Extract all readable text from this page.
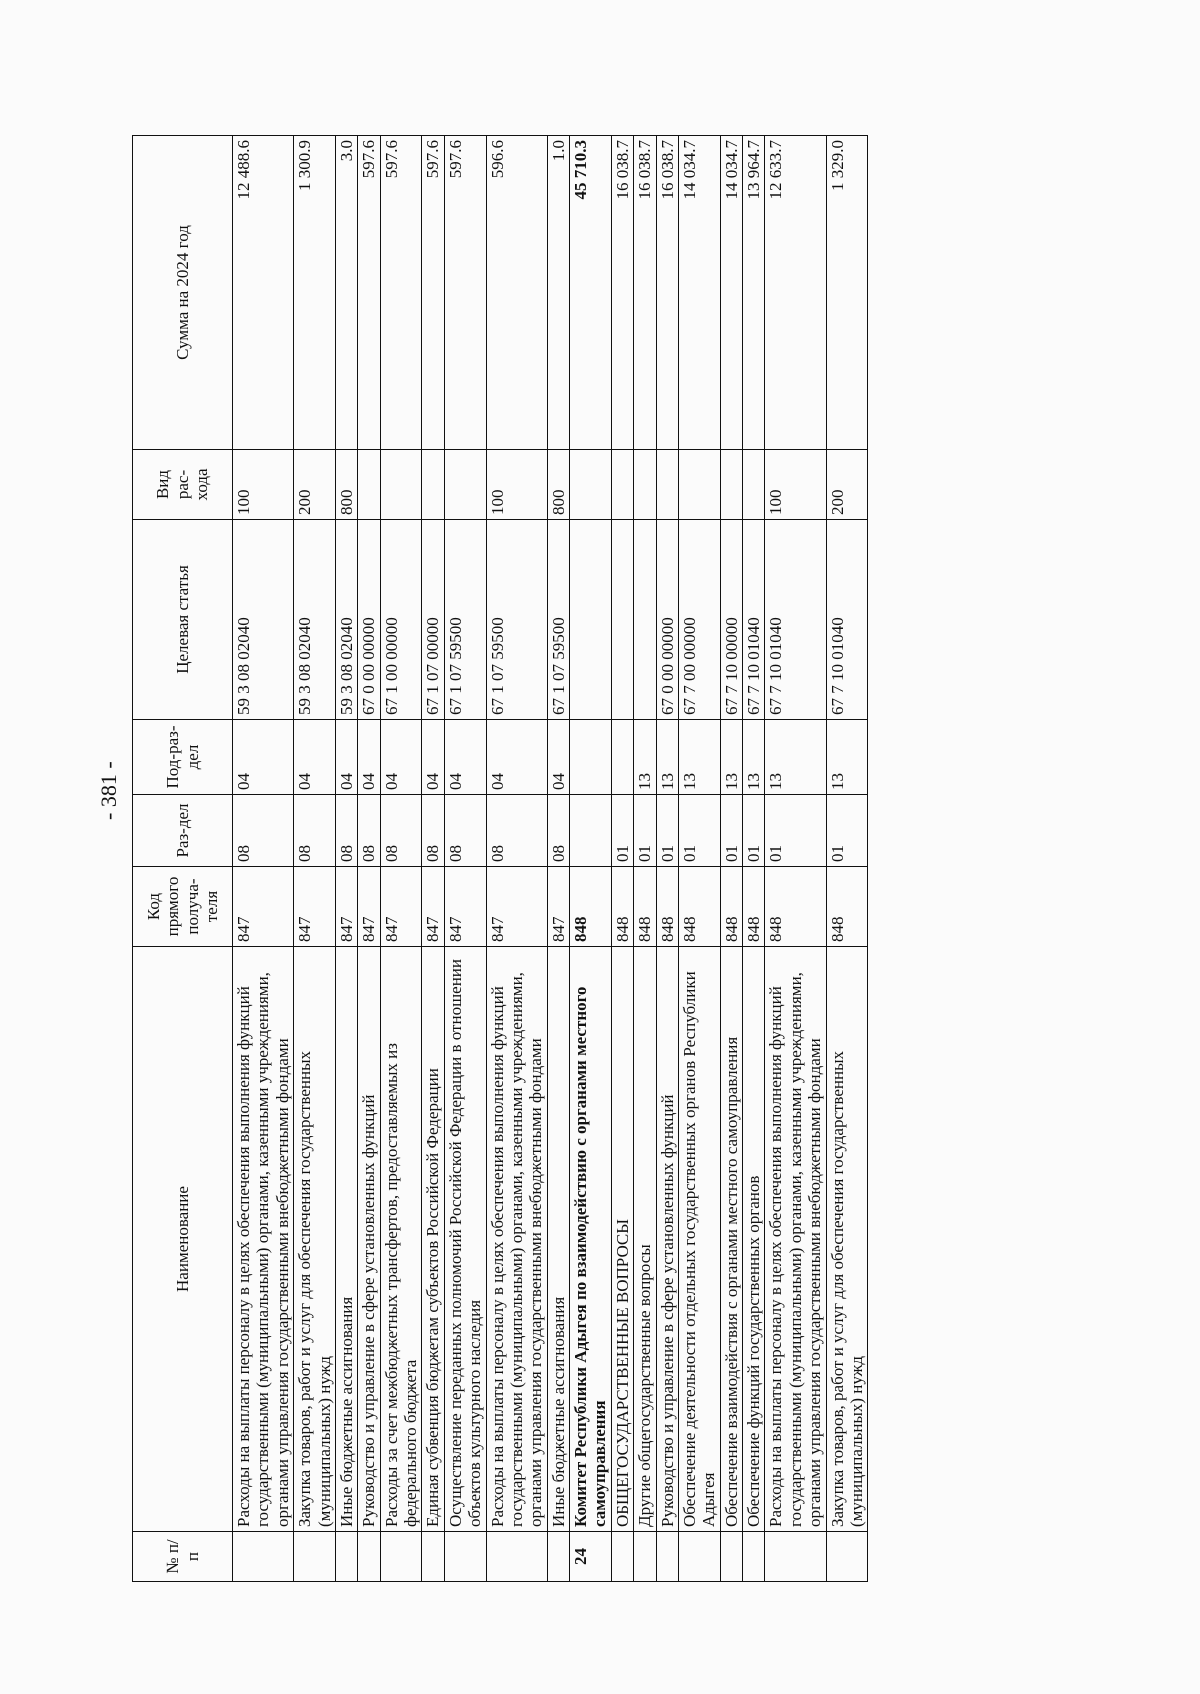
- 381 -
№ п/п	Наименование	Код прямого получа-теля	Раз-дел	Под-раз-дел	Целевая статья	Вид рас-хода	Сумма на 2024 год
	Расходы на выплаты персоналу в целях обеспечения выполнения функций государственными (муниципальными) органами, казенными учреждениями, органами управления государственными внебюджетными фондами	847	08	04	59 3 08 02040	100	12 488.6
	Закупка товаров, работ и услуг для обеспечения государственных (муниципальных) нужд	847	08	04	59 3 08 02040	200	1 300.9
	Иные бюджетные ассигнования	847	08	04	59 3 08 02040	800	3.0
	Руководство и управление в сфере установленных функций	847	08	04	67 0 00 00000		597.6
	Расходы за счет межбюджетных трансфертов, предоставляемых из федерального бюджета	847	08	04	67 1 00 00000		597.6
	Единая субвенция бюджетам субъектов Российской Федерации	847	08	04	67 1 07 00000		597.6
	Осуществление переданных полномочий Российской Федерации в отношении объектов культурного наследия	847	08	04	67 1 07 59500		597.6
	Расходы на выплаты персоналу в целях обеспечения выполнения функций государственными (муниципальными) органами, казенными учреждениями, органами управления государственными внебюджетными фондами	847	08	04	67 1 07 59500	100	596.6
	Иные бюджетные ассигнования	847	08	04	67 1 07 59500	800	1.0
24	Комитет Республики Адыгея по взаимодействию с органами местного самоуправления	848					45 710.3
	ОБЩЕГОСУДАРСТВЕННЫЕ ВОПРОСЫ	848	01				16 038.7
	Другие общегосударственные вопросы	848	01	13			16 038.7
	Руководство и управление в сфере установленных функций	848	01	13	67 0 00 00000		16 038.7
	Обеспечение деятельности отдельных государственных органов Республики Адыгея	848	01	13	67 7 00 00000		14 034.7
	Обеспечение взаимодействия с органами местного самоуправления	848	01	13	67 7 10 00000		14 034.7
	Обеспечение функций государственных органов	848	01	13	67 7 10 01040		13 964.7
	Расходы на выплаты персоналу в целях обеспечения выполнения функций государственными (муниципальными) органами, казенными учреждениями, органами управления государственными внебюджетными фондами	848	01	13	67 7 10 01040	100	12 633.7
	Закупка товаров, работ и услуг для обеспечения государственных (муниципальных) нужд	848	01	13	67 7 10 01040	200	1 329.0
